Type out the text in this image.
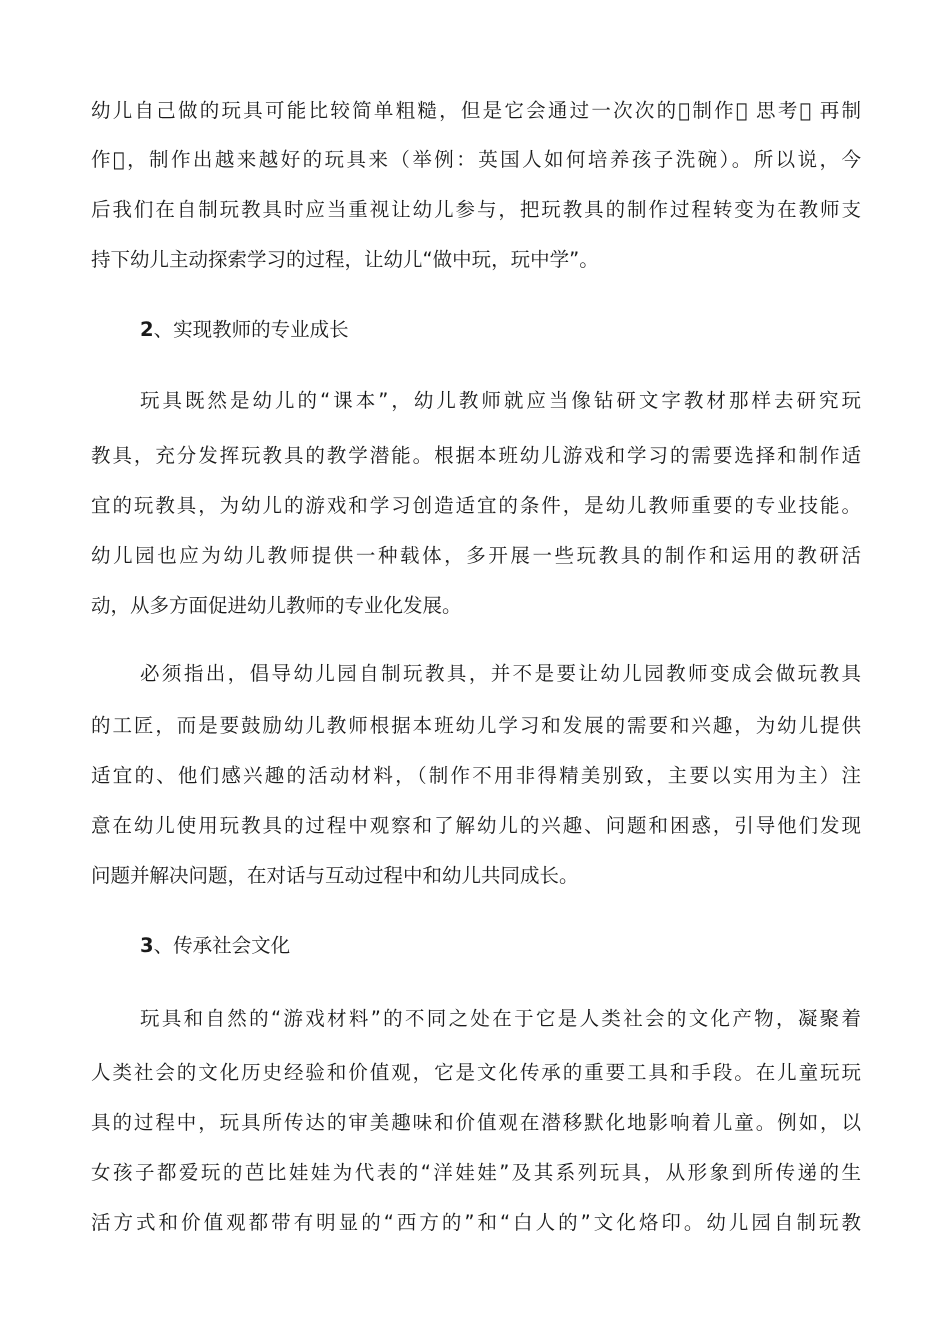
幼儿自己做的玩具可能比较简单粗糙，但是它会通过一次次的 制作  思考  再制
作 ，制作出越来越好的玩具来（举例：英国人如何培养孩子洗碗）。所以说，今
后我们在自制玩教具时应当重视让幼儿参与，把玩教具的制作过程转变为在教师支
持下幼儿主动探索学习的过程，让幼儿“做中玩，玩中学”。
2、实现教师的专业成长
玩具既然是幼儿的“课本”，幼儿教师就应当像钻研文字教材那样去研究玩
教具，充分发挥玩教具的教学潜能。根据本班幼儿游戏和学习的需要选择和制作适
宜的玩教具，为幼儿的游戏和学习创造适宜的条件，是幼儿教师重要的专业技能。
幼儿园也应为幼儿教师提供一种载体，多开展一些玩教具的制作和运用的教研活
动，从多方面促进幼儿教师的专业化发展。
必须指出，倡导幼儿园自制玩教具，并不是要让幼儿园教师变成会做玩教具
的工匠，而是要鼓励幼儿教师根据本班幼儿学习和发展的需要和兴趣，为幼儿提供
适宜的、他们感兴趣的活动材料，（制作不用非得精美别致，主要以实用为主）注
意在幼儿使用玩教具的过程中观察和了解幼儿的兴趣、问题和困惑，引导他们发现
问题并解决问题，在对话与互动过程中和幼儿共同成长。
3、传承社会文化
玩具和自然的“游戏材料”的不同之处在于它是人类社会的文化产物，凝聚着
人类社会的文化历史经验和价值观，它是文化传承的重要工具和手段。在儿童玩玩
具的过程中，玩具所传达的审美趣味和价值观在潜移默化地影响着儿童。例如，以
女孩子都爱玩的芭比娃娃为代表的“洋娃娃”及其系列玩具，从形象到所传递的生
活方式和价值观都带有明显的“西方的”和“白人的”文化烙印。幼儿园自制玩教
